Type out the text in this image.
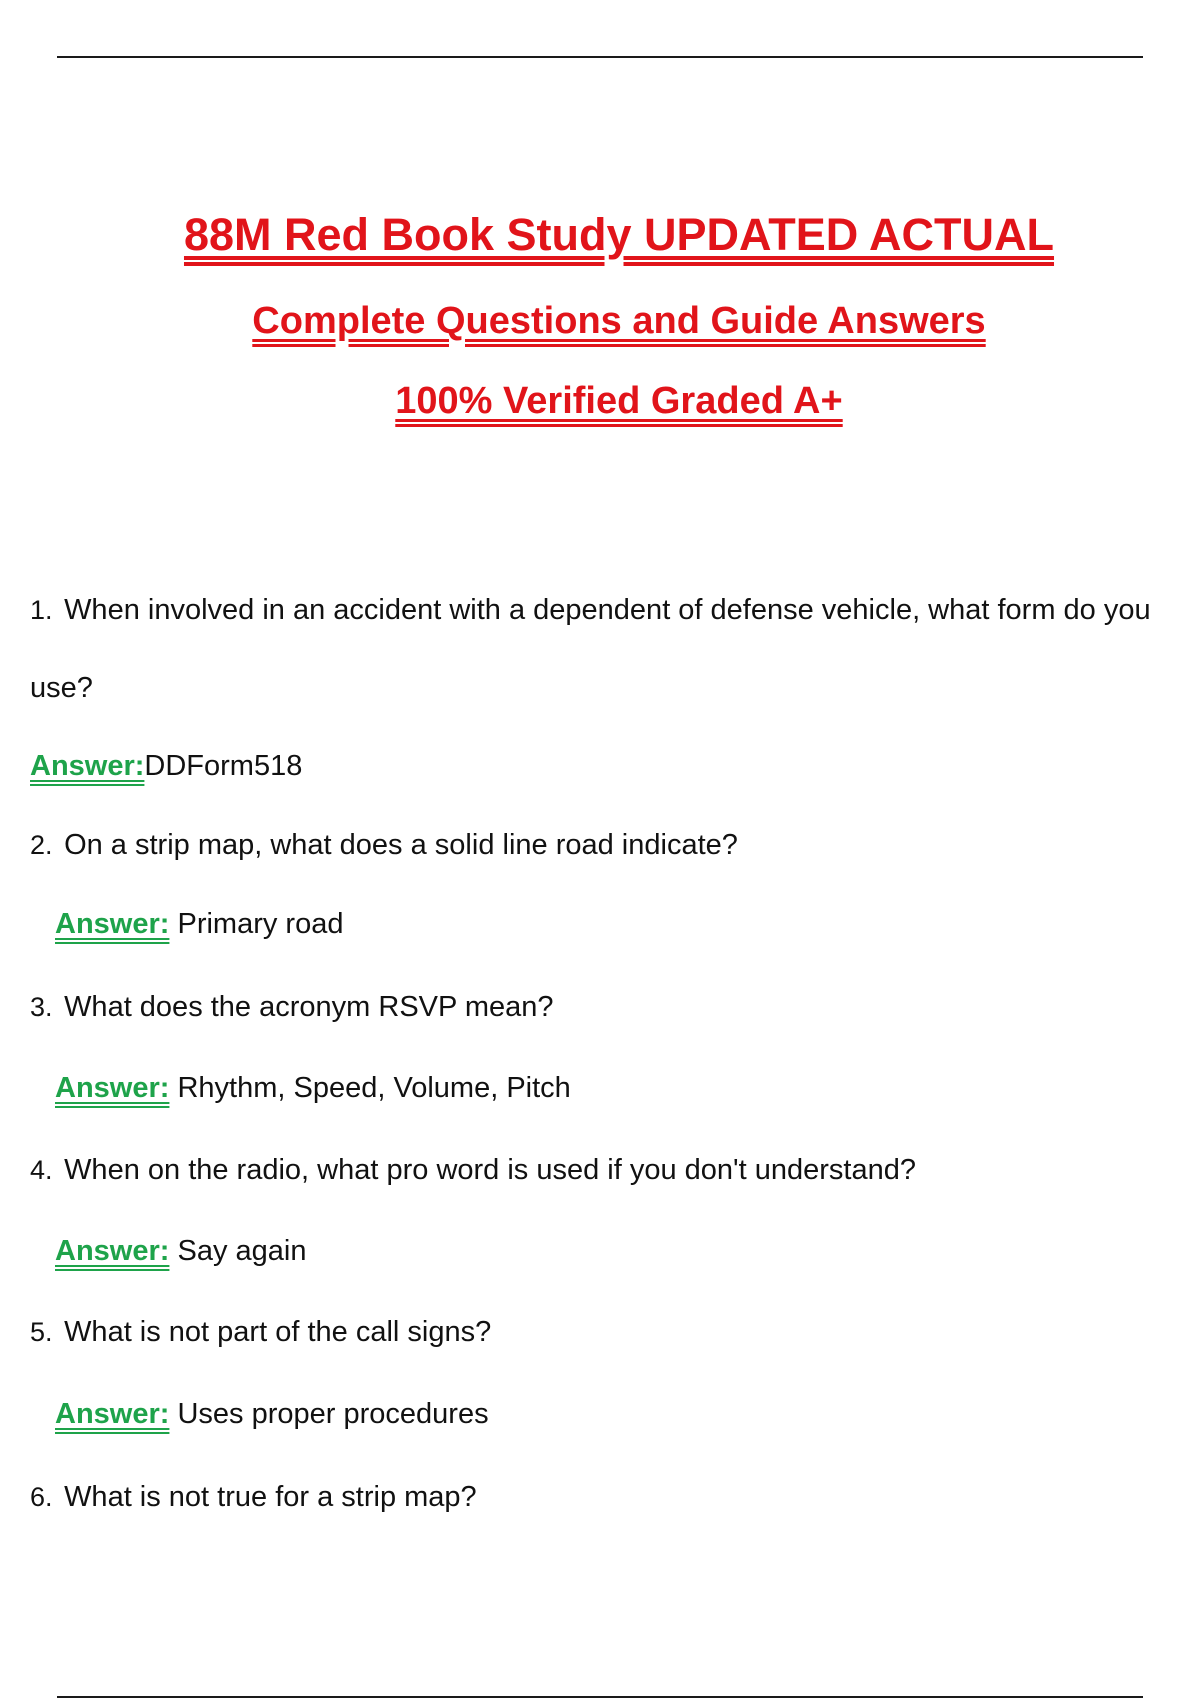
88M Red Book Study UPDATED ACTUAL
Complete Questions and Guide Answers
100% Verified Graded A+
1. When involved in an accident with a dependent of defense vehicle, what form do you
use?
Answer:DDForm518
2. On a strip map, what does a solid line road indicate?
Answer: Primary road
3. What does the acronym RSVP mean?
Answer: Rhythm, Speed, Volume, Pitch
4. When on the radio, what pro word is used if you don't understand?
Answer: Say again
5. What is not part of the call signs?
Answer: Uses proper procedures
6. What is not true for a strip map?
